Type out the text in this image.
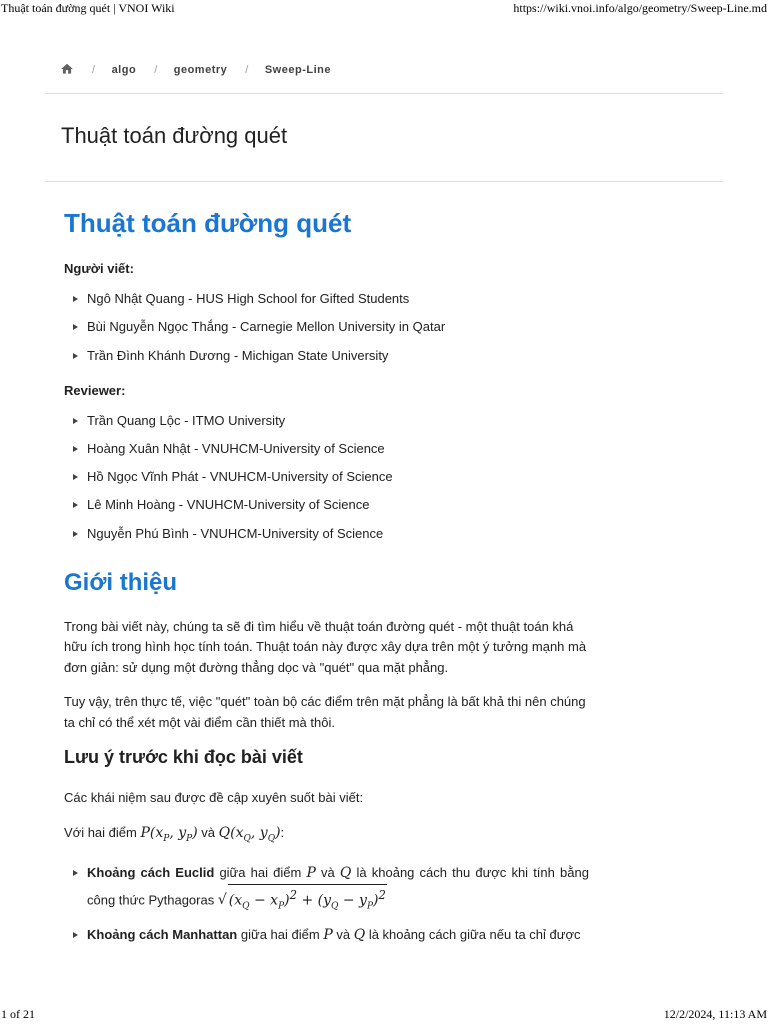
Thuật toán đường quét | VNOI Wiki	https://wiki.vnoi.info/algo/geometry/Sweep-Line.md
/ algo / geometry / Sweep-Line
Thuật toán đường quét
Thuật toán đường quét

Người viết:

Ngô Nhật Quang - HUS High School for Gifted Students
Bùi Nguyễn Ngọc Thắng - Carnegie Mellon University in Qatar
Trần Đình Khánh Dương - Michigan State University

Reviewer:

Trần Quang Lộc - ITMO University
Hoàng Xuân Nhật - VNUHCM-University of Science
Hồ Ngọc Vĩnh Phát - VNUHCM-University of Science
Lê Minh Hoàng - VNUHCM-University of Science
Nguyễn Phú Bình - VNUHCM-University of Science
Giới thiệu

Trong bài viết này, chúng ta sẽ đi tìm hiểu về thuật toán đường quét - một thuật toán khá hữu ích trong hình học tính toán. Thuật toán này được xây dựa trên một ý tưởng mạnh mà đơn giản: sử dụng một đường thẳng dọc và "quét" qua mặt phẳng.

Tuy vậy, trên thực tế, việc "quét" toàn bộ các điểm trên mặt phẳng là bất khả thi nên chúng ta chỉ có thể xét một vài điểm cần thiết mà thôi.

Lưu ý trước khi đọc bài viết

Các khái niệm sau được đề cập xuyên suốt bài viết:

Với hai điểm $P(x_P$, $y_P$) và $Q(x_Q$, $y_Q$):

Khoảng cách Euclid giữa hai điểm P và Q là khoảng cách thu được khi tính bằng công thức Pythagoras √ $(x_Q - x_P)^2 + (y_Q - y_P)^2$
Khoảng cách Manhattan giữa hai điểm P và Q là khoảng cách giữa nếu ta chỉ được
1 of 21	12/2/2024, 11:13 AM
